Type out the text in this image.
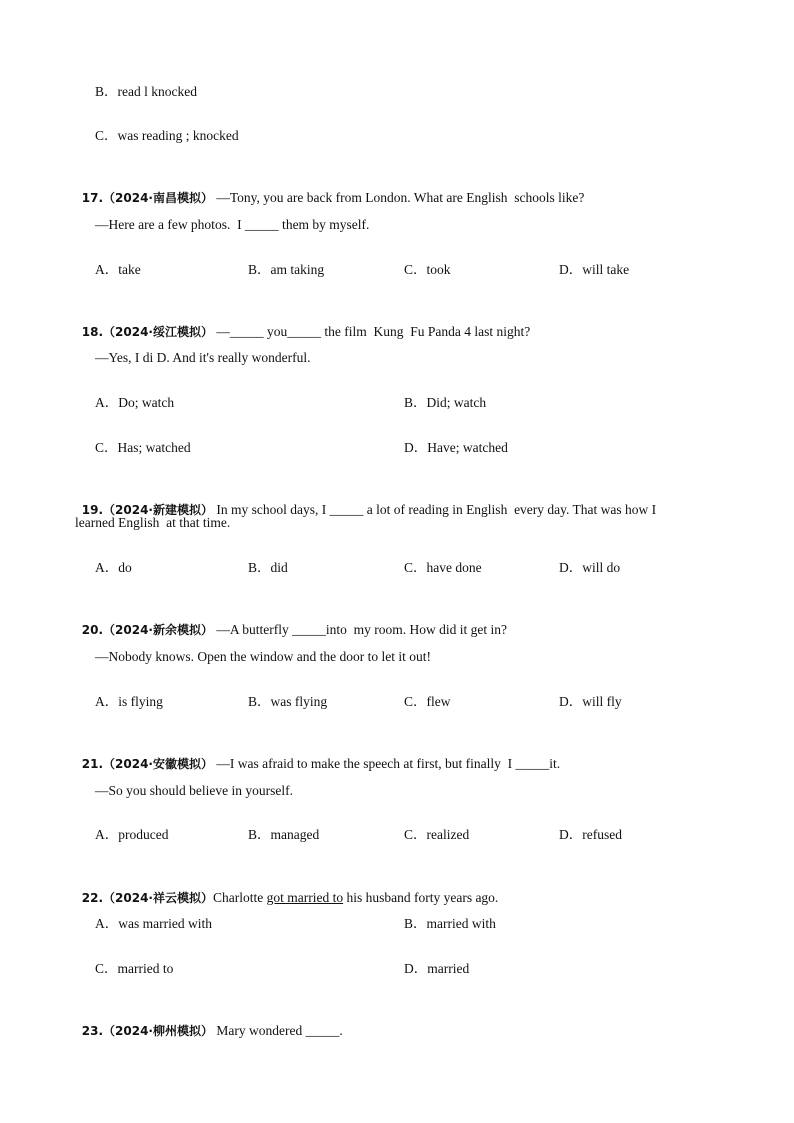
B．read l knocked
C．was reading ; knocked

17.（2024·南昌模拟） —Tony, you are back from London. What are English  schools like?

—Here are a few photos.  I _____ them by myself.
A．take	B．am taking	C．took	D．will take

18.（2024·绥江模拟） —_____ you_____ the film  Kung  Fu Panda 4 last night?

—Yes, I di D. And it's really wonderful.
A．Do; watch	B．Did; watch
C．Has; watched	D．Have; watched

19.（2024·新建模拟） In my school days, I _____ a lot of reading in English  every day. That was how I

learned English  at that time.
A．do	B．did	C．have done	D．will do

20.（2024·新余模拟） —A butterfly _____into  my room. How did it get in?

—Nobody knows. Open the window and the door to let it out!
A．is flying	B．was flying	C．flew	D．will fly

21.（2024·安徽模拟） —I was afraid to make the speech at first, but finally  I _____it.

—So you should believe in yourself.
A．produced	B．managed	C．realized	D．refused

22.（2024·祥云模拟）Charlotte got married to his husband forty years ago.

A．was married with	B．married with
C．married to	D．married

23.（2024·柳州模拟） Mary wondered _____.
